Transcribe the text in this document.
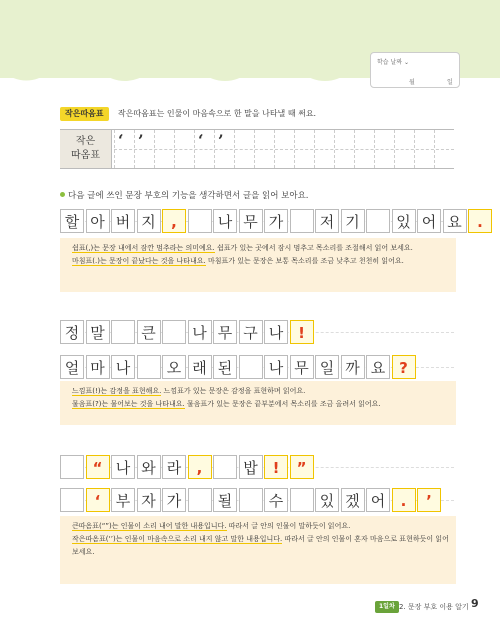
학습 날짜 ⌄
월	일
작은따옴표	작은따옴표는 인물이 마음속으로 한 말을 나타낼 때 써요.
작은
따옴표
‘ ’	‘ ’
다음 글에 쓰인 문장 부호의 기능을 생각하면서 글을 읽어 보아요.
할 아 버 지	,	나 무 가	저 기	있 어 요	.

쉼표(,)는 문장 내에서 잠깐 멈추라는 의미예요. 쉼표가 있는 곳에서 잠시 멈추고 목소리를 조절해서 읽어 보세요.

마침표(.)는 문장이 끝났다는 것을 나타내요. 마침표가 있는 문장은 보통 목소리를 조금 낮추고 천천히 읽어요.

정 말	큰	나 무 구 나 !
얼 마 나	오 래 된	나 무 일 까 요 ?

느낌표(!)는 감정을 표현해요. 느낌표가 있는 문장은 감정을 표현하며 읽어요.

물음표(?)는 물어보는 것을 나타내요. 물음표가 있는 문장은 끝부분에서 목소리를 조금 올려서 읽어요.

“ 나 와 라	,	밥 !	”
‘	부 자 가	될	수	있 겠 어	.	’

큰따옴표(“”)는 인물이 소리 내어 말한 내용입니다. 따라서 글 안의 인물이 말하듯이 읽어요.

작은따옴표(‘’)는 인물이 마음속으로 소리 내지 않고 말한 내용입니다. 따라서 글 안의 인물이 혼자 마음으로 표현하듯이 읽어 보세요.

1일차 2. 문장 부호 이용 알기 9
